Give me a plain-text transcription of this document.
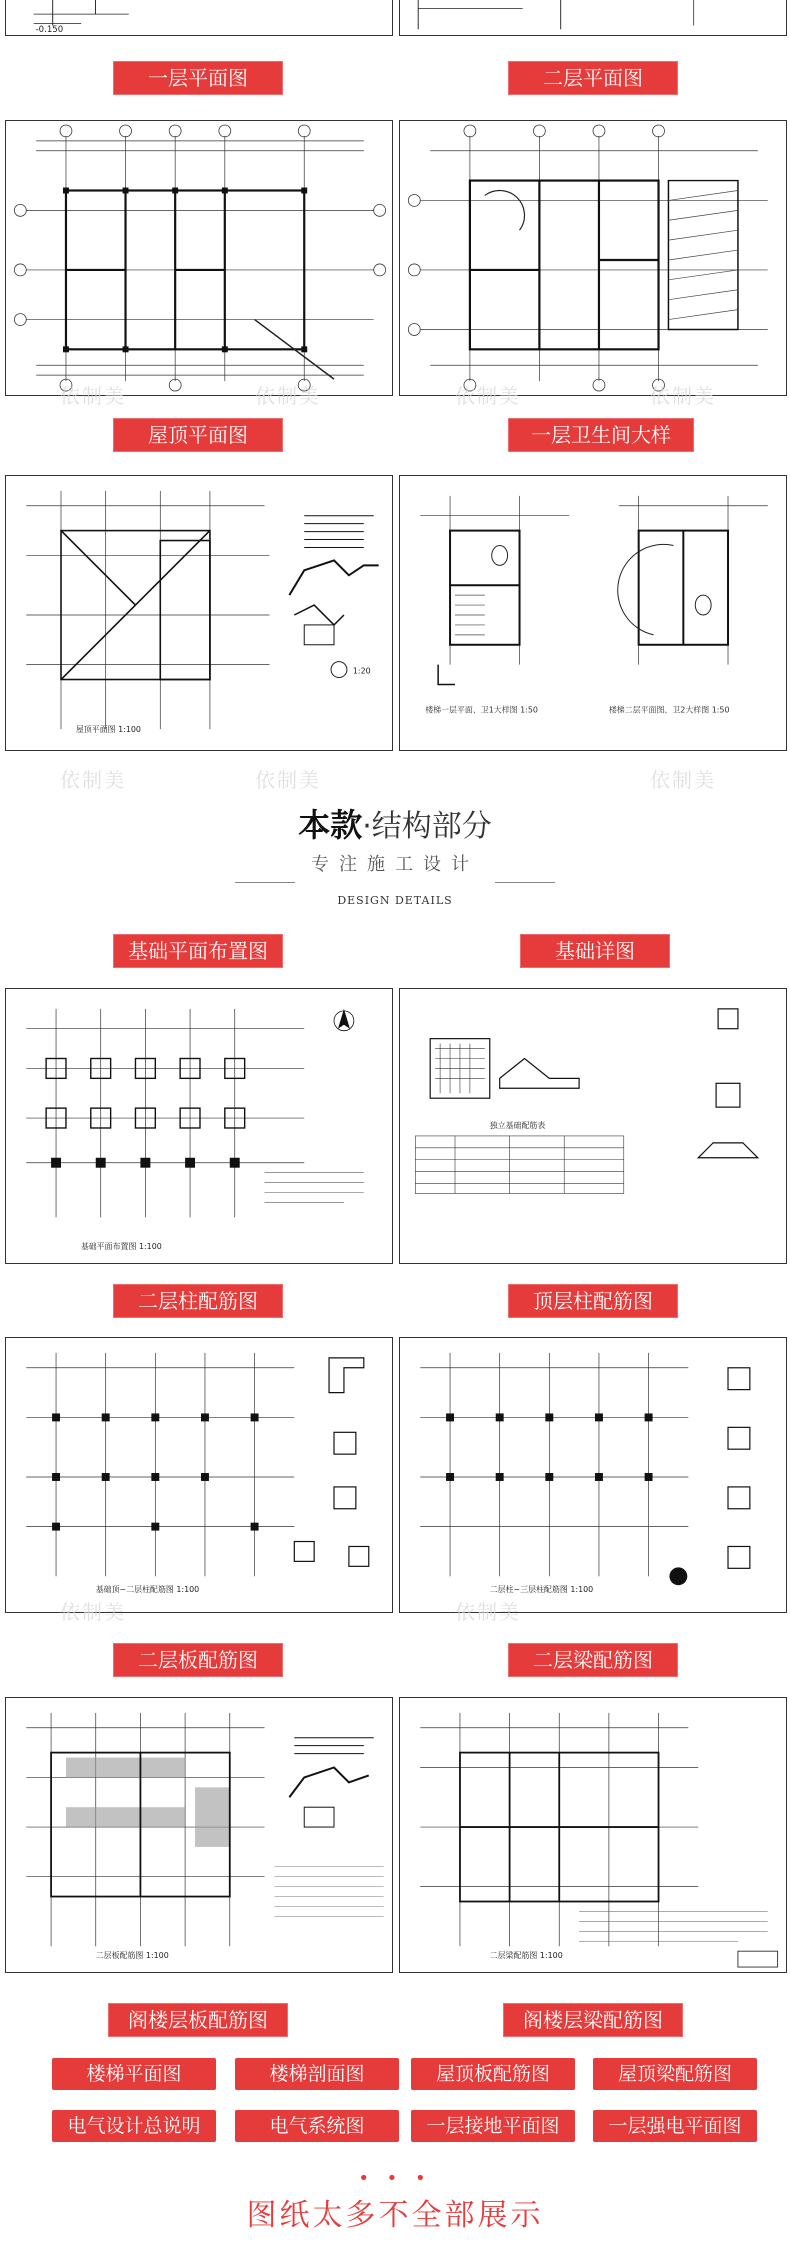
-0.150
一层平面图	二层平面图
依制美	依制美	依制美	依制美
屋顶平面图	一层卫生间大样
1:20
屋顶平面图 1:100
楼梯一层平面、卫1大样图 1:50	楼梯二层平面图、卫2大样图 1:50
依制美	依制美	依制美
本款·结构部分
专注施工设计
DESIGN DETAILS
基础平面布置图	基础详图
基础平面布置图 1:100
独立基础配筋表
二层柱配筋图	顶层柱配筋图
基础顶~二层柱配筋图 1:100	二层柱~三层柱配筋图 1:100
依制美	依制美
二层板配筋图	二层梁配筋图
二层板配筋图 1:100	二层梁配筋图 1:100
阁楼层板配筋图	阁楼层梁配筋图
楼梯平面图	楼梯剖面图	屋顶板配筋图	屋顶梁配筋图
电气设计总说明	电气系统图	一层接地平面图	一层强电平面图
• • •
图纸太多不全部展示
